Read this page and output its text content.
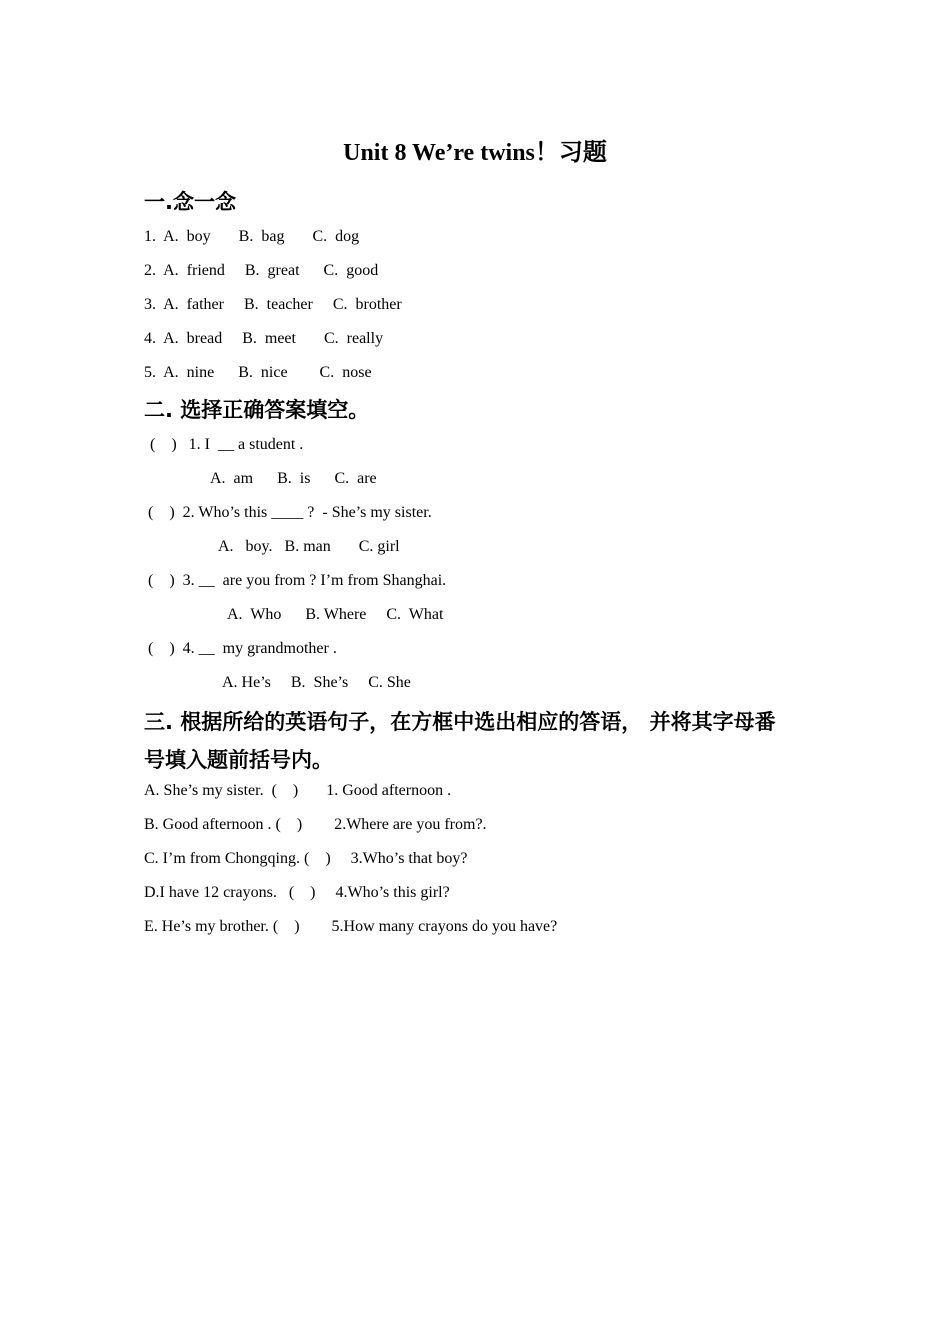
Unit 8 We’re twins！习题
一.念一念
1.  A.  boy       B.  bag       C.  dog
2.  A.  friend     B.  great      C.  good
3.  A.  father     B.  teacher     C.  brother
4.  A.  bread     B.  meet       C.  really
5.  A.  nine      B.  nice        C.  nose
二. 选择正确答案填空。
(    )   1. I  __ a student .
A.  am      B.  is      C.  are
(    )  2. Who’s this ____ ?  - She’s my sister.
A.   boy.   B. man       C. girl
(    )  3. __  are you from ? I’m from Shanghai.
A.  Who      B. Where     C.  What
(    )  4. __  my grandmother .
A. He’s     B.  She’s     C. She
三. 根据所给的英语句子，在方框中选出相应的答语， 并将其字母番
号填入题前括号内。
A. She’s my sister.  (    )       1. Good afternoon .
B. Good afternoon . (    )        2.Where are you from?.
C. I’m from Chongqing. (    )     3.Who’s that boy?
D.I have 12 crayons.   (    )     4.Who’s this girl?
E. He’s my brother. (    )        5.How many crayons do you have?
